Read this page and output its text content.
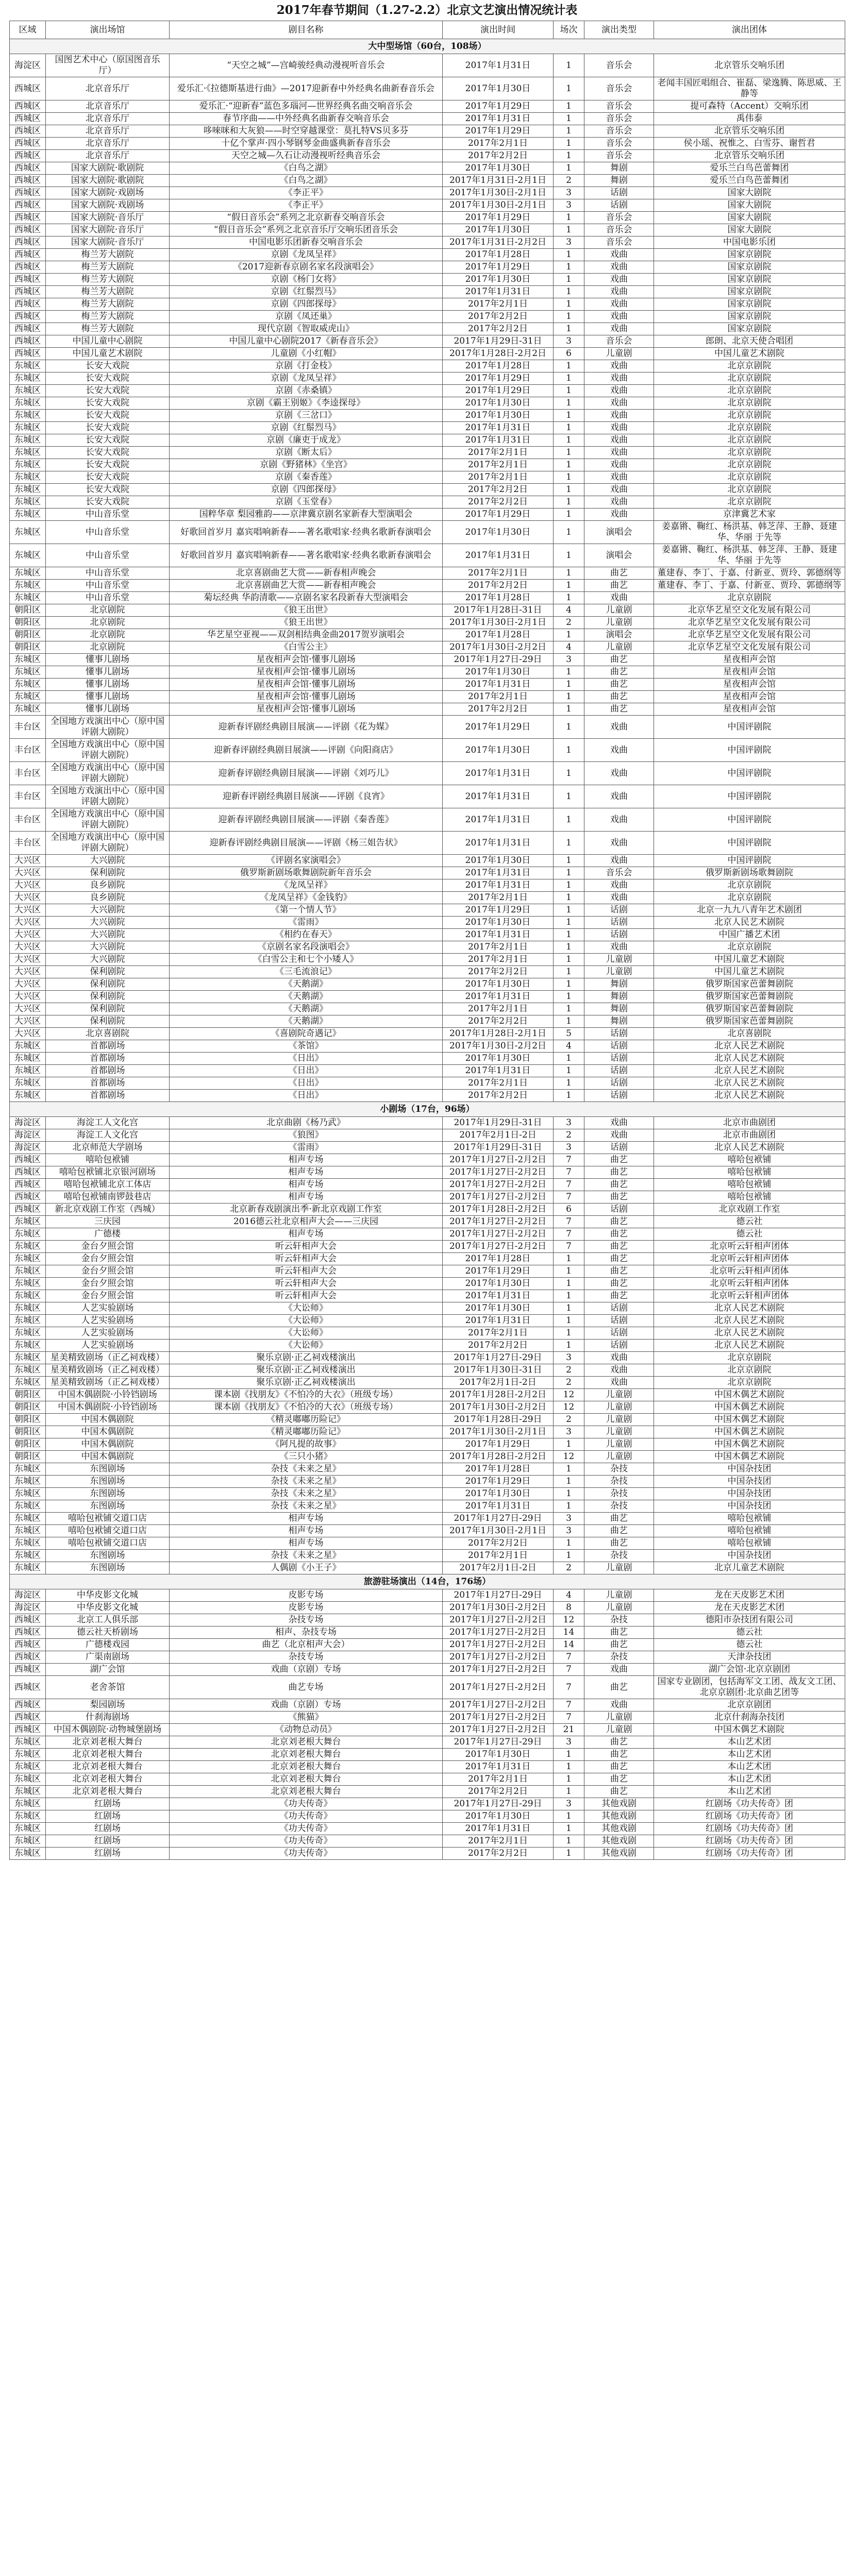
2017年春节期间（1.27-2.2）北京文艺演出情况统计表
区域	演出场馆	剧目名称	演出时间	场次	演出类型	演出团体
大中型场馆（60台，108场）						
海淀区	国图艺术中心（原国图音乐厅）	“天空之城”—宫崎骏经典动漫视听音乐会	2017年1月31日	1	音乐会	北京管乐交响乐团
西城区	北京音乐厅	爱乐汇·《拉德斯基进行曲》—2017迎新春中外经典名曲新春音乐会	2017年1月30日	1	音乐会	老闻丰国匠唱组合、崔磊、梁逸腾、陈思威、王静等
西城区	北京音乐厅	爱乐汇·“迎新春”蓝色多瑙河—世界经典名曲交响音乐会	2017年1月29日	1	音乐会	提可森特（Accent）交响乐团
西城区	北京音乐厅	春节序曲——中外经典名曲新春交响音乐会	2017年1月31日	1	音乐会	禹伟泰
西城区	北京音乐厅	哆唻咪和大灰狼——时空穿越课堂：莫扎特VS贝多芬	2017年1月29日	1	音乐会	北京管乐交响乐团
西城区	北京音乐厅	十亿个掌声·四小琴钢琴金曲盛典新春音乐会	2017年2月1日	1	音乐会	侯小瑶、祝惟之、白雪芬、谢哲君
西城区	北京音乐厅	天空之城—久石让动漫视听经典音乐会	2017年2月2日	1	音乐会	北京管乐交响乐团
西城区	国家大剧院·歌剧院	《白鸟之湖》	2017年1月30日	1	舞剧	爱乐兰白鸟芭蕾舞团
西城区	国家大剧院·歌剧院	《白鸟之湖》	2017年1月31日-2月1日	2	舞剧	爱乐兰白鸟芭蕾舞团
西城区	国家大剧院·戏剧场	《李正平》	2017年1月30日-2月1日	3	话剧	国家大剧院
西城区	国家大剧院·戏剧场	《李正平》	2017年1月30日-2月1日	3	话剧	国家大剧院
西城区	国家大剧院·音乐厅	“假日音乐会”系列之北京新春交响音乐会	2017年1月29日	1	音乐会	国家大剧院
西城区	国家大剧院·音乐厅	“假日音乐会”系列之北京音乐厅交响乐团音乐会	2017年1月30日	1	音乐会	国家大剧院
西城区	国家大剧院·音乐厅	中国电影乐团新春交响音乐会	2017年1月31日-2月2日	3	音乐会	中国电影乐团
西城区	梅兰芳大剧院	京剧《龙凤呈祥》	2017年1月28日	1	戏曲	国家京剧院
西城区	梅兰芳大剧院	《2017迎新春京剧名家名段演唱会》	2017年1月29日	1	戏曲	国家京剧院
西城区	梅兰芳大剧院	京剧《杨门女将》	2017年1月30日	1	戏曲	国家京剧院
西城区	梅兰芳大剧院	京剧《红鬃烈马》	2017年1月31日	1	戏曲	国家京剧院
西城区	梅兰芳大剧院	京剧《四郎探母》	2017年2月1日	1	戏曲	国家京剧院
西城区	梅兰芳大剧院	京剧《凤还巢》	2017年2月2日	1	戏曲	国家京剧院
西城区	梅兰芳大剧院	现代京剧《智取威虎山》	2017年2月2日	1	戏曲	国家京剧院
西城区	中国儿童中心剧院	中国儿童中心剧院2017《新春音乐会》	2017年1月29日-31日	3	音乐会	郎朗、北京天使合唱团
西城区	中国儿童艺术剧院	儿童剧《小红帽》	2017年1月28日-2月2日	6	儿童剧	中国儿童艺术剧院
东城区	长安大戏院	京剧《打金枝》	2017年1月28日	1	戏曲	北京京剧院
东城区	长安大戏院	京剧《龙凤呈祥》	2017年1月29日	1	戏曲	北京京剧院
东城区	长安大戏院	京剧《赤桑镇》	2017年1月29日	1	戏曲	北京京剧院
东城区	长安大戏院	京剧《霸王别姬》《李逵探母》	2017年1月30日	1	戏曲	北京京剧院
东城区	长安大戏院	京剧《三岔口》	2017年1月30日	1	戏曲	北京京剧院
东城区	长安大戏院	京剧《红鬃烈马》	2017年1月31日	1	戏曲	北京京剧院
东城区	长安大戏院	京剧《廉吏于成龙》	2017年1月31日	1	戏曲	北京京剧院
东城区	长安大戏院	京剧《断太后》	2017年2月1日	1	戏曲	北京京剧院
东城区	长安大戏院	京剧《野猪林》《坐宫》	2017年2月1日	1	戏曲	北京京剧院
东城区	长安大戏院	京剧《秦香莲》	2017年2月1日	1	戏曲	北京京剧院
东城区	长安大戏院	京剧《四郎探母》	2017年2月2日	1	戏曲	北京京剧院
东城区	长安大戏院	京剧《玉堂春》	2017年2月2日	1	戏曲	北京京剧院
东城区	中山音乐堂	国粹华章 梨园雅韵——京津冀京剧名家新春大型演唱会	2017年1月29日	1	戏曲	京津冀艺术家
东城区	中山音乐堂	好歌回首岁月 嘉宾唱响新春——著名歌唱家·经典名歌新春演唱会	2017年1月30日	1	演唱会	姜嘉锵、鞠红、杨洪基、韩芝萍、王静、聂建华、华丽 于先等
东城区	中山音乐堂	好歌回首岁月 嘉宾唱响新春——著名歌唱家·经典名歌新春演唱会	2017年1月31日	1	演唱会	姜嘉锵、鞠红、杨洪基、韩芝萍、王静、聂建华、华丽 于先等
东城区	中山音乐堂	北京喜剧曲艺大赏——新春相声晚会	2017年2月1日	1	曲艺	董建春、李丁、于嘉、付新亚、贾玲、郭德纲等
东城区	中山音乐堂	北京喜剧曲艺大赏——新春相声晚会	2017年2月2日	1	曲艺	董建春、李丁、于嘉、付新亚、贾玲、郭德纲等
东城区	中山音乐堂	菊坛经典 华韵清歌——京剧名家名段新春大型演唱会	2017年1月28日	1	戏曲	北京京剧院
朝阳区	北京剧院	《狼王出世》	2017年1月28日-31日	4	儿童剧	北京华艺星空文化发展有限公司
朝阳区	北京剧院	《狼王出世》	2017年1月30日-2月1日	2	儿童剧	北京华艺星空文化发展有限公司
朝阳区	北京剧院	华艺星空亚视——双剑相结典金曲2017贺岁演唱会	2017年1月28日	1	演唱会	北京华艺星空文化发展有限公司
朝阳区	北京剧院	《白雪公主》	2017年1月30日-2月2日	4	儿童剧	北京华艺星空文化发展有限公司
东城区	懂事儿剧场	星夜相声会馆·懂事儿剧场	2017年1月27日-29日	3	曲艺	星夜相声会馆
东城区	懂事儿剧场	星夜相声会馆·懂事儿剧场	2017年1月30日	1	曲艺	星夜相声会馆
东城区	懂事儿剧场	星夜相声会馆·懂事儿剧场	2017年1月31日	1	曲艺	星夜相声会馆
东城区	懂事儿剧场	星夜相声会馆·懂事儿剧场	2017年2月1日	1	曲艺	星夜相声会馆
东城区	懂事儿剧场	星夜相声会馆·懂事儿剧场	2017年2月2日	1	曲艺	星夜相声会馆
丰台区	全国地方戏演出中心（原中国评剧大剧院）	迎新春评剧经典剧目展演——评剧《花为媒》	2017年1月29日	1	戏曲	中国评剧院
丰台区	全国地方戏演出中心（原中国评剧大剧院）	迎新春评剧经典剧目展演——评剧《向阳商店》	2017年1月30日	1	戏曲	中国评剧院
丰台区	全国地方戏演出中心（原中国评剧大剧院）	迎新春评剧经典剧目展演——评剧《刘巧儿》	2017年1月31日	1	戏曲	中国评剧院
丰台区	全国地方戏演出中心（原中国评剧大剧院）	迎新春评剧经典剧目展演——评剧《良宵》	2017年1月31日	1	戏曲	中国评剧院
丰台区	全国地方戏演出中心（原中国评剧大剧院）	迎新春评剧经典剧目展演——评剧《秦香莲》	2017年1月31日	1	戏曲	中国评剧院
丰台区	全国地方戏演出中心（原中国评剧大剧院）	迎新春评剧经典剧目展演——评剧《杨三姐告状》	2017年1月31日	1	戏曲	中国评剧院
大兴区	大兴剧院	《评剧名家演唱会》	2017年1月30日	1	戏曲	中国评剧院
大兴区	保利剧院	俄罗斯新剧场歌舞剧院新年音乐会	2017年1月31日	1	音乐会	俄罗斯新剧场歌舞剧院
大兴区	良乡剧院	《龙凤呈祥》	2017年1月31日	1	戏曲	北京京剧院
大兴区	良乡剧院	《龙凤呈祥》《金钱豹》	2017年2月1日	1	戏曲	北京京剧院
大兴区	大兴剧院	《第一个情人节》	2017年1月29日	1	话剧	北京一九九八青年艺术剧团
大兴区	大兴剧院	《雷雨》	2017年1月30日	1	话剧	北京人民艺术剧院
大兴区	大兴剧院	《相约在春天》	2017年1月31日	1	话剧	中国广播艺术团
大兴区	大兴剧院	《京剧名家名段演唱会》	2017年2月1日	1	戏曲	北京京剧院
大兴区	大兴剧院	《白雪公主和七个小矮人》	2017年2月1日	1	儿童剧	中国儿童艺术剧院
大兴区	保利剧院	《三毛流浪记》	2017年2月2日	1	儿童剧	中国儿童艺术剧院
大兴区	保利剧院	《天鹅湖》	2017年1月30日	1	舞剧	俄罗斯国家芭蕾舞剧院
大兴区	保利剧院	《天鹅湖》	2017年1月31日	1	舞剧	俄罗斯国家芭蕾舞剧院
大兴区	保利剧院	《天鹅湖》	2017年2月1日	1	舞剧	俄罗斯国家芭蕾舞剧院
大兴区	保利剧院	《天鹅湖》	2017年2月2日	1	舞剧	俄罗斯国家芭蕾舞剧院
大兴区	北京喜剧院	《喜剧院奇遇记》	2017年1月28日-2月1日	5	话剧	北京喜剧院
东城区	首都剧场	《茶馆》	2017年1月30日-2月2日	4	话剧	北京人民艺术剧院
东城区	首都剧场	《日出》	2017年1月30日	1	话剧	北京人民艺术剧院
东城区	首都剧场	《日出》	2017年1月31日	1	话剧	北京人民艺术剧院
东城区	首都剧场	《日出》	2017年2月1日	1	话剧	北京人民艺术剧院
东城区	首都剧场	《日出》	2017年2月2日	1	话剧	北京人民艺术剧院
小剧场（17台，96场）						
海淀区	海淀工人文化宫	北京曲剧《杨乃武》	2017年1月29日-31日	3	戏曲	北京市曲剧团
海淀区	海淀工人文化宫	《狼图》	2017年2月1日-2日	2	戏曲	北京市曲剧团
海淀区	北京师范大学剧场	《雷雨》	2017年1月29日-31日	3	话剧	北京人民艺术剧院
西城区	嘻哈包袱铺	相声专场	2017年1月27日-2月2日	7	曲艺	嘻哈包袱铺
西城区	嘻哈包袱铺北京银河剧场	相声专场	2017年1月27日-2月2日	7	曲艺	嘻哈包袱铺
西城区	嘻哈包袱铺北京工体店	相声专场	2017年1月27日-2月2日	7	曲艺	嘻哈包袱铺
西城区	嘻哈包袱铺南锣鼓巷店	相声专场	2017年1月27日-2月2日	7	曲艺	嘻哈包袱铺
西城区	新北京戏剧工作室（西城）	北京新春戏剧演出季·新北京戏剧工作室	2017年1月28日-2月2日	6	话剧	北京戏剧工作室
东城区	三庆园	2016德云社北京相声大会——三庆园	2017年1月27日-2月2日	7	曲艺	德云社
东城区	广德楼	相声专场	2017年1月27日-2月2日	7	曲艺	德云社
东城区	金台夕照会馆	听云轩相声大会	2017年1月27日-2月2日	7	曲艺	北京听云轩相声团体
东城区	金台夕照会馆	听云轩相声大会	2017年1月28日	1	曲艺	北京听云轩相声团体
东城区	金台夕照会馆	听云轩相声大会	2017年1月29日	1	曲艺	北京听云轩相声团体
东城区	金台夕照会馆	听云轩相声大会	2017年1月30日	1	曲艺	北京听云轩相声团体
东城区	金台夕照会馆	听云轩相声大会	2017年1月31日	1	曲艺	北京听云轩相声团体
东城区	人艺实验剧场	《大讼师》	2017年1月30日	1	话剧	北京人民艺术剧院
东城区	人艺实验剧场	《大讼师》	2017年1月31日	1	话剧	北京人民艺术剧院
东城区	人艺实验剧场	《大讼师》	2017年2月1日	1	话剧	北京人民艺术剧院
东城区	人艺实验剧场	《大讼师》	2017年2月2日	1	话剧	北京人民艺术剧院
东城区	星美精致剧场（正乙祠戏楼）	聚乐京剧·正乙祠戏楼演出	2017年1月27日-29日	3	戏曲	北京京剧院
东城区	星美精致剧场（正乙祠戏楼）	聚乐京剧·正乙祠戏楼演出	2017年1月30日-31日	2	戏曲	北京京剧院
东城区	星美精致剧场（正乙祠戏楼）	聚乐京剧·正乙祠戏楼演出	2017年2月1日-2日	2	戏曲	北京京剧院
朝阳区	中国木偶剧院·小铃铛剧场	课本剧《找朋友》《不怕冷的大衣》（班级专场）	2017年1月28日-2月2日	12	儿童剧	中国木偶艺术剧院
朝阳区	中国木偶剧院·小铃铛剧场	课本剧《找朋友》《不怕冷的大衣》（班级专场）	2017年1月30日-2月2日	12	儿童剧	中国木偶艺术剧院
朝阳区	中国木偶剧院	《精灵嘟嘟历险记》	2017年1月28日-29日	2	儿童剧	中国木偶艺术剧院
朝阳区	中国木偶剧院	《精灵嘟嘟历险记》	2017年1月30日-2月1日	3	儿童剧	中国木偶艺术剧院
朝阳区	中国木偶剧院	《阿凡提的故事》	2017年1月29日	1	儿童剧	中国木偶艺术剧院
朝阳区	中国木偶剧院	《三只小猪》	2017年1月28日-2月2日	12	儿童剧	中国木偶艺术剧院
东城区	东图剧场	杂技《未来之星》	2017年1月28日	1	杂技	中国杂技团
东城区	东图剧场	杂技《未来之星》	2017年1月29日	1	杂技	中国杂技团
东城区	东图剧场	杂技《未来之星》	2017年1月30日	1	杂技	中国杂技团
东城区	东图剧场	杂技《未来之星》	2017年1月31日	1	杂技	中国杂技团
东城区	嘻哈包袱铺交道口店	相声专场	2017年1月27日-29日	3	曲艺	嘻哈包袱铺
东城区	嘻哈包袱铺交道口店	相声专场	2017年1月30日-2月1日	3	曲艺	嘻哈包袱铺
东城区	嘻哈包袱铺交道口店	相声专场	2017年2月2日	1	曲艺	嘻哈包袱铺
东城区	东图剧场	杂技《未来之星》	2017年2月1日	1	杂技	中国杂技团
东城区	东图剧场	人偶剧《小王子》	2017年2月1日-2日	2	儿童剧	北京儿童艺术剧院
旅游驻场演出（14台，176场）						
海淀区	中华皮影文化城	皮影专场	2017年1月27日-29日	4	儿童剧	龙在天皮影艺术团
海淀区	中华皮影文化城	皮影专场	2017年1月30日-2月2日	8	儿童剧	龙在天皮影艺术团
西城区	北京工人俱乐部	杂技专场	2017年1月27日-2月2日	12	杂技	德阳市杂技团有限公司
西城区	德云社天桥剧场	相声、杂技专场	2017年1月27日-2月2日	14	曲艺	德云社
西城区	广德楼戏园	曲艺（北京相声大会）	2017年1月27日-2月2日	14	曲艺	德云社
西城区	广渠南剧场	杂技专场	2017年1月27日-2月2日	7	杂技	天津杂技团
西城区	湖广会馆	戏曲（京剧）专场	2017年1月27日-2月2日	7	戏曲	湖广会馆·北京京剧团
西城区	老舍茶馆	曲艺专场	2017年1月27日-2月2日	7	曲艺	国家专业剧团，包括海军文工团、战友文工团、北京京剧团·北京曲艺团等
西城区	梨园剧场	戏曲（京剧）专场	2017年1月27日-2月2日	7	戏曲	北京京剧团
西城区	什刹海剧场	《熊猫》	2017年1月27日-2月2日	7	儿童剧	北京什刹海杂技团
西城区	中国木偶剧院·动物城堡剧场	《动物总动员》	2017年1月27日-2月2日	21	儿童剧	中国木偶艺术剧院
东城区	北京刘老根大舞台	北京刘老根大舞台	2017年1月27日-29日	3	曲艺	本山艺术团
东城区	北京刘老根大舞台	北京刘老根大舞台	2017年1月30日	1	曲艺	本山艺术团
东城区	北京刘老根大舞台	北京刘老根大舞台	2017年1月31日	1	曲艺	本山艺术团
东城区	北京刘老根大舞台	北京刘老根大舞台	2017年2月1日	1	曲艺	本山艺术团
东城区	北京刘老根大舞台	北京刘老根大舞台	2017年2月2日	1	曲艺	本山艺术团
东城区	红剧场	《功夫传奇》	2017年1月27日-29日	3	其他戏剧	红剧场《功夫传奇》团
东城区	红剧场	《功夫传奇》	2017年1月30日	1	其他戏剧	红剧场《功夫传奇》团
东城区	红剧场	《功夫传奇》	2017年1月31日	1	其他戏剧	红剧场《功夫传奇》团
东城区	红剧场	《功夫传奇》	2017年2月1日	1	其他戏剧	红剧场《功夫传奇》团
东城区	红剧场	《功夫传奇》	2017年2月2日	1	其他戏剧	红剧场《功夫传奇》团
